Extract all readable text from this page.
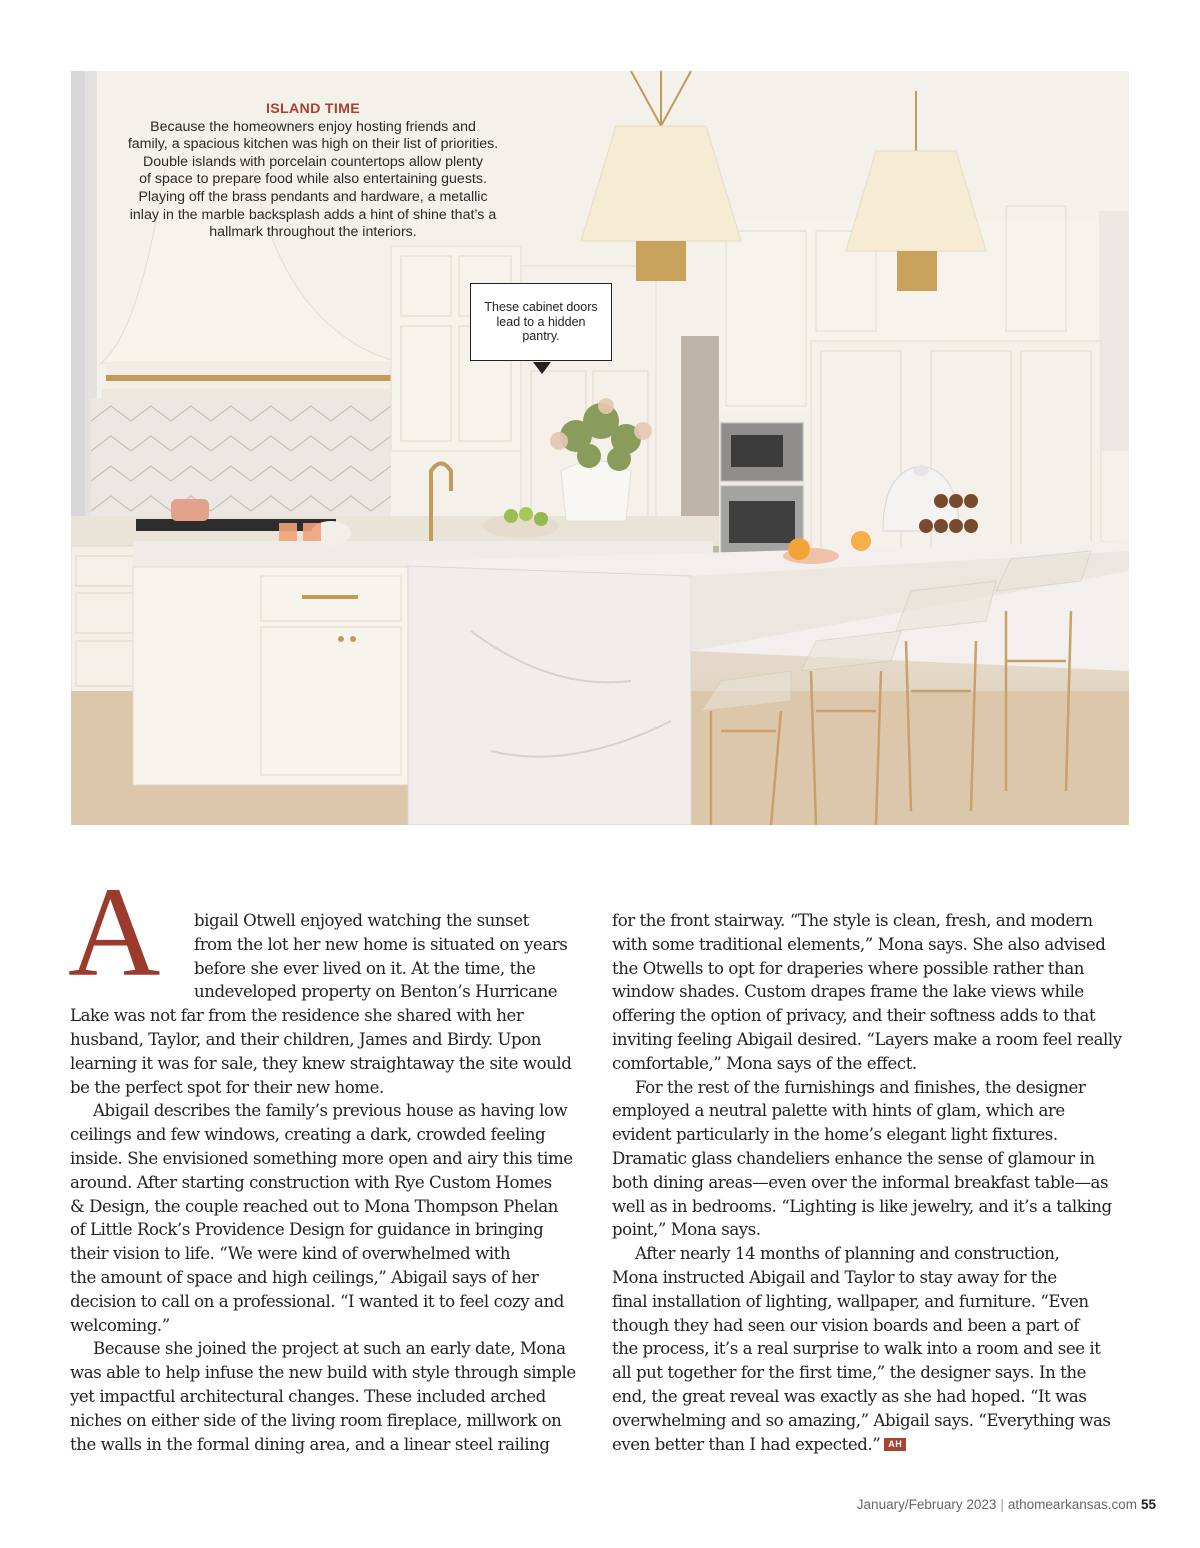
ISLAND TIME
Because the homeowners enjoy hosting friends and
family, a spacious kitchen was high on their list of priorities.
Double islands with porcelain countertops allow plenty
of space to prepare food while also entertaining guests.
Playing off the brass pendants and hardware, a metallic
inlay in the marble backsplash adds a hint of shine that’s a
hallmark throughout the interiors.
These cabinet doors
lead to a hidden
pantry.
A	bigail Otwell enjoyed watching the sunset
from the lot her new home is situated on years
before she ever lived on it. At the time, the
undeveloped property on Benton’s Hurricane
Lake was not far from the residence she shared with her
husband, Taylor, and their children, James and Birdy. Upon
learning it was for sale, they knew straightaway the site would
be the perfect spot for their new home.
Abigail describes the family’s previous house as having low
ceilings and few windows, creating a dark, crowded feeling
inside. She envisioned something more open and airy this time
around. After starting construction with Rye Custom Homes
& Design, the couple reached out to Mona Thompson Phelan
of Little Rock’s Providence Design for guidance in bringing
their vision to life. “We were kind of overwhelmed with
the amount of space and high ceilings,” Abigail says of her
decision to call on a professional. “I wanted it to feel cozy and
welcoming.”
Because she joined the project at such an early date, Mona
was able to help infuse the new build with style through simple
yet impactful architectural changes. These included arched
niches on either side of the living room fireplace, millwork on
the walls in the formal dining area, and a linear steel railing
for the front stairway. “The style is clean, fresh, and modern
with some traditional elements,” Mona says. She also advised
the Otwells to opt for draperies where possible rather than
window shades. Custom drapes frame the lake views while
offering the option of privacy, and their softness adds to that
inviting feeling Abigail desired. “Layers make a room feel really
comfortable,” Mona says of the effect.
For the rest of the furnishings and finishes, the designer
employed a neutral palette with hints of glam, which are
evident particularly in the home’s elegant light fixtures.
Dramatic glass chandeliers enhance the sense of glamour in
both dining areas—even over the informal breakfast table—as
well as in bedrooms. “Lighting is like jewelry, and it’s a talking
point,” Mona says.
After nearly 14 months of planning and construction,
Mona instructed Abigail and Taylor to stay away for the
final installation of lighting, wallpaper, and furniture. “Even
though they had seen our vision boards and been a part of
the process, it’s a real surprise to walk into a room and see it
all put together for the first time,” the designer says. In the
end, the great reveal was exactly as she had hoped. “It was
overwhelming and so amazing,” Abigail says. “Everything was
even better than I had expected.” AH
January/February 2023 | athomearkansas.com 55
